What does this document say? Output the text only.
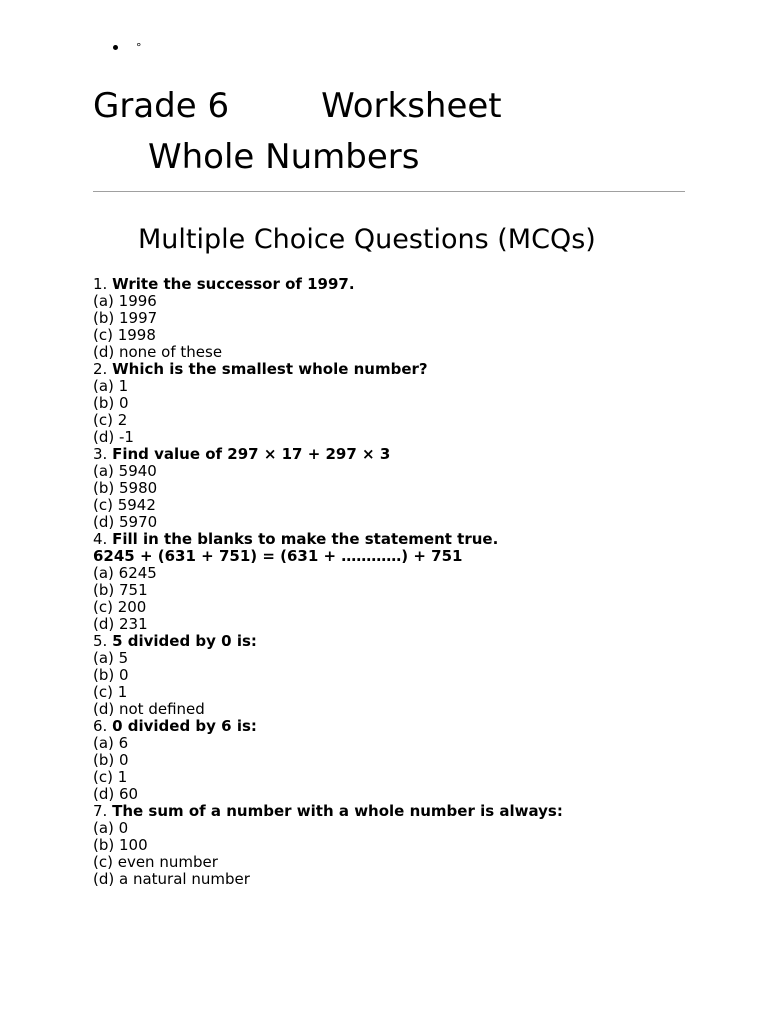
°
Grade 6	Worksheet
Whole Numbers
Multiple Choice Questions (MCQs)
1. Write the successor of 1997.
(a) 1996
(b) 1997
(c) 1998
(d) none of these
2. Which is the smallest whole number?
(a) 1
(b) 0
(c) 2
(d) -1
3. Find value of 297 × 17 + 297 × 3
(a) 5940
(b) 5980
(c) 5942
(d) 5970
4. Fill in the blanks to make the statement true.
6245 + (631 + 751) = (631 + …………) + 751
(a) 6245
(b) 751
(c) 200
(d) 231
5. 5 divided by 0 is:
(a) 5
(b) 0
(c) 1
(d) not defined
6. 0 divided by 6 is:
(a) 6
(b) 0
(c) 1
(d) 60
7. The sum of a number with a whole number is always:
(a) 0
(b) 100
(c) even number
(d) a natural number
